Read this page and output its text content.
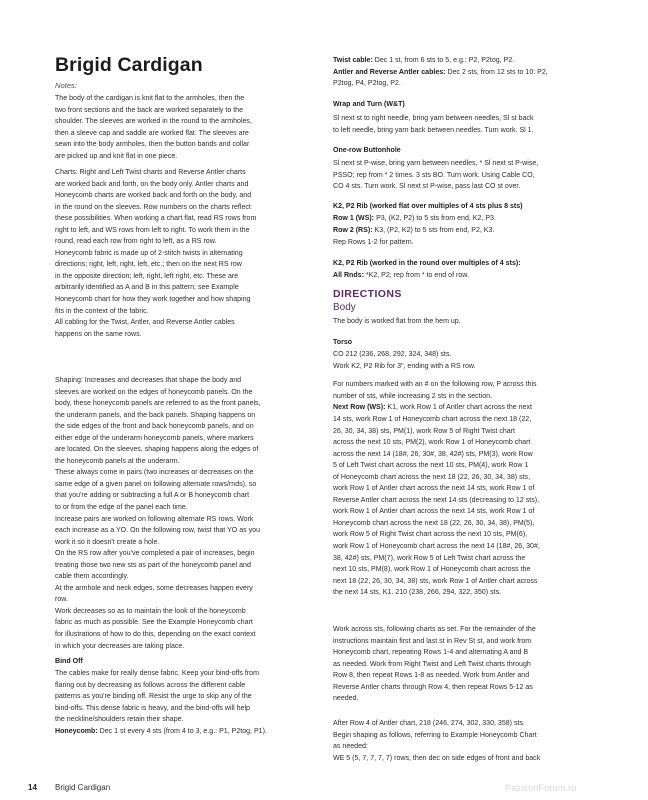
Brigid Cardigan
Notes:
The body of the cardigan is knit flat to the armholes, then the
two front sections and the back are worked separately to the
shoulder. The sleeves are worked in the round to the armholes,
then a sleeve cap and saddle are worked flat. The sleeves are
sewn into the body armholes, then the button bands and collar
are picked up and knit flat in one piece.
Charts: Right and Left Twist charts and Reverse Antler charts
are worked back and forth, on the body only. Antler charts and
Honeycomb charts are worked back and forth on the body, and
in the round on the sleeves. Row numbers on the charts reflect
these possibilities. When working a chart flat, read RS rows from
right to left, and WS rows from left to right. To work them in the
round, read each row from right to left, as a RS row.
Honeycomb fabric is made up of 2-stitch twists in alternating
directions; right, left, right, left, etc.; then on the next RS row
in the opposite direction; left, right, left right, etc. These are
arbitrarily identified as A and B in this pattern; see Example
Honeycomb chart for how they work together and how shaping
fits in the context of the fabric.
All cabling for the Twist, Antler, and Reverse Antler cables
happens on the same rows.
Shaping: Increases and decreases that shape the body and
sleeves are worked on the edges of honeycomb panels. On the
body, these honeycomb panels are referred to as the front panels,
the underarm panels, and the back panels. Shaping happens on
the side edges of the front and back honeycomb panels, and on
either edge of the underarm honeycomb panels, where markers
are located. On the sleeves, shaping happens along the edges of
the honeycomb panels at the underarm.
These always come in pairs (two increases or decreases on the
same edge of a given panel on following alternate rows/rnds), so
that you're adding or subtracting a full A or B honeycomb chart
to or from the edge of the panel each time.
Increase pairs are worked on following alternate RS rows. Work
each increase as a YO. On the following row, twist that YO as you
work it so it doesn't create a hole.
On the RS row after you've completed a pair of increases, begin
treating those two new sts as part of the honeycomb panel and
cable them accordingly.
At the armhole and neck edges, some decreases happen every
row.
Work decreases so as to maintain the look of the honeycomb
fabric as much as possible. See the Example Honeycomb chart
for illustrations of how to do this, depending on the exact context
in which your decreases are taking place.
Bind Off
The cables make for really dense fabric. Keep your bind-offs from
flaring out by decreasing as follows across the different cable
patterns as you're binding off. Resist the urge to skip any of the
bind-offs. This dense fabric is heavy, and the bind-offs will help
the neckline/shoulders retain their shape.
Honeycomb: Dec 1 st every 4 sts (from 4 to 3, e.g.: P1, P2tog, P1).
Twist cable: Dec 1 st, from 6 sts to 5, e.g.: P2, P2tog, P2.
Antler and Reverse Antler cables: Dec 2 sts, from 12 sts to 10: P2,
P2tog, P4, P2tog, P2.
Wrap and Turn (W&T)
Sl next st to right needle, bring yarn between needles, Sl st back
to left needle, bring yarn back between needles. Turn work. Sl 1.
One-row Buttonhole
Sl next st P-wise, bring yarn between needles, * Sl next st P-wise,
PSSO; rep from * 2 times. 3 sts BO. Turn work. Using Cable CO,
CO 4 sts. Turn work. Sl next st P-wise, pass last CO st over.
K2, P2 Rib (worked flat over multiples of 4 sts plus 8 sts)
Row 1 (WS): P3, (K2, P2) to 5 sts from end, K2, P3.
Row 2 (RS): K3, (P2, K2) to 5 sts from end, P2, K3.
Rep Rows 1-2 for pattern.
K2, P2 Rib (worked in the round over multiples of 4 sts):
All Rnds: *K2, P2; rep from * to end of row.
DIRECTIONS
Body
The body is worked flat from the hem up.
Torso
CO 212 (236, 268, 292, 324, 348) sts.
Work K2, P2 Rib for 3", ending with a RS row.
For numbers marked with an # on the following row, P across this
number of sts, while increasing 2 sts in the section.
Next Row (WS): K1, work Row 1 of Antler chart across the next
14 sts, work Row 1 of Honeycomb chart across the next 18 (22,
26, 30, 34, 38) sts, PM(1), work Row 5 of Right Twist chart
across the next 10 sts, PM(2), work Row 1 of Honeycomb chart
across the next 14 (18#, 26, 30#, 38, 42#) sts, PM(3), work Row
5 of Left Twist chart across the next 10 sts, PM(4), work Row 1
of Honeycomb chart across the next 18 (22, 26, 30, 34, 38) sts,
work Row 1 of Antler chart across the next 14 sts, work Row 1 of
Reverse Antler chart across the next 14 sts (decreasing to 12 sts),
work Row 1 of Antler chart across the next 14 sts, work Row 1 of
Honeycomb chart across the next 18 (22, 26, 30, 34, 38), PM(5),
work Row 5 of Right Twist chart across the next 10 sts, PM(6),
work Row 1 of Honeycomb chart across the next 14 (18#, 26, 30#,
38, 42#) sts, PM(7), work Row 5 of Left Twist chart across the
next 10 sts, PM(8), work Row 1 of Honeycomb chart across the
next 18 (22, 26, 30, 34, 38) sts, work Row 1 of Antler chart across
the next 14 sts, K1. 210 (238, 266, 294, 322, 350) sts.
Work across sts, following charts as set. For the remainder of the
instructions maintain first and last st in Rev St st, and work from
Honeycomb chart, repeating Rows 1-4 and alternating A and B
as needed. Work from Right Twist and Left Twist charts through
Row 8, then repeat Rows 1-8 as needed. Work from Antler and
Reverse Antler charts through Row 4, then repeat Rows 5-12 as
needed.
After Row 4 of Antler chart, 218 (246, 274, 302, 330, 358) sts.
Begin shaping as follows, referring to Example Honeycomb Chart
as needed:
WE 5 (5, 7, 7, 7, 7) rows, then dec on side edges of front and back
14 Brigid Cardigan	PassionForum.ru
